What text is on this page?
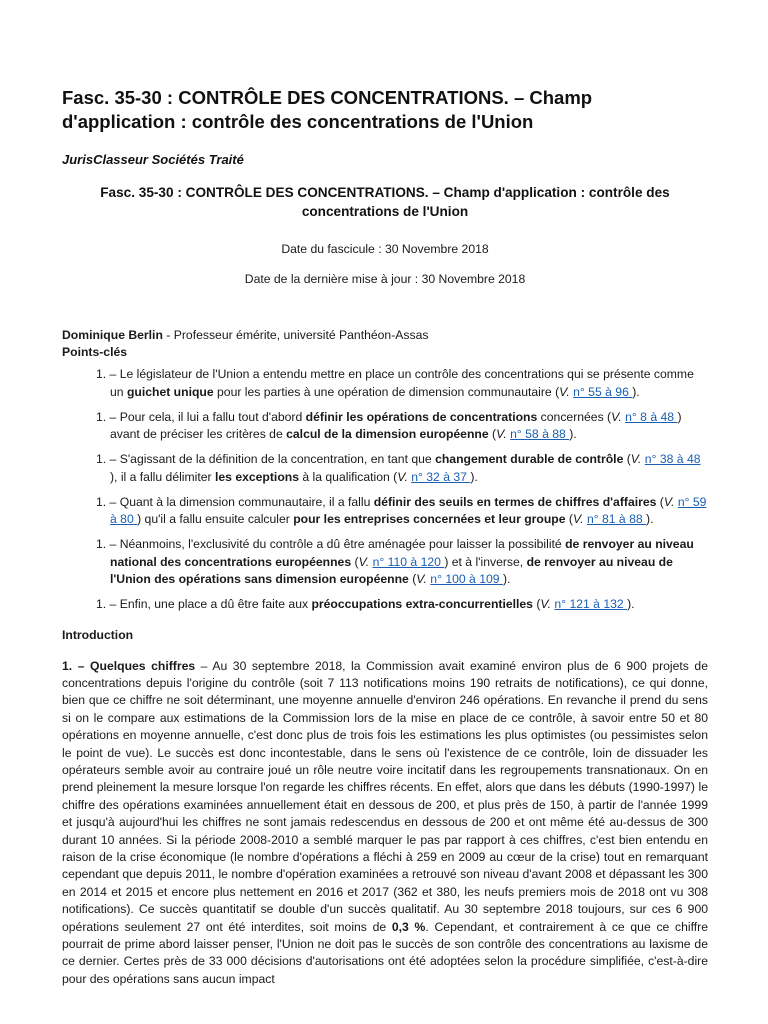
Fasc. 35-30 : CONTRÔLE DES CONCENTRATIONS. – Champ d'application : contrôle des concentrations de l'Union
JurisClasseur Sociétés Traité
Fasc. 35-30 : CONTRÔLE DES CONCENTRATIONS. – Champ d'application : contrôle des concentrations de l'Union
Date du fascicule : 30 Novembre 2018
Date de la dernière mise à jour : 30 Novembre 2018
Dominique Berlin - Professeur émérite, université Panthéon-Assas
Points-clés
1. – Le législateur de l'Union a entendu mettre en place un contrôle des concentrations qui se présente comme un guichet unique pour les parties à une opération de dimension communautaire (V. n° 55 à 96 ).
1. – Pour cela, il lui a fallu tout d'abord définir les opérations de concentrations concernées (V. n° 8 à 48 ) avant de préciser les critères de calcul de la dimension européenne (V. n° 58 à 88 ).
1. – S'agissant de la définition de la concentration, en tant que changement durable de contrôle (V. n° 38 à 48 ), il a fallu délimiter les exceptions à la qualification (V. n° 32 à 37 ).
1. – Quant à la dimension communautaire, il a fallu définir des seuils en termes de chiffres d'affaires (V. n° 59 à 80 ) qu'il a fallu ensuite calculer pour les entreprises concernées et leur groupe (V. n° 81 à 88 ).
1. – Néanmoins, l'exclusivité du contrôle a dû être aménagée pour laisser la possibilité de renvoyer au niveau national des concentrations européennes (V. n° 110 à 120 ) et à l'inverse, de renvoyer au niveau de l'Union des opérations sans dimension européenne (V. n° 100 à 109 ).
1. – Enfin, une place a dû être faite aux préoccupations extra-concurrentielles (V. n° 121 à 132 ).
Introduction

1. – Quelques chiffres – Au 30 septembre 2018, la Commission avait examiné environ plus de 6 900 projets de concentrations depuis l'origine du contrôle (soit 7 113 notifications moins 190 retraits de notifications), ce qui donne, bien que ce chiffre ne soit déterminant, une moyenne annuelle d'environ 246 opérations. En revanche il prend du sens si on le compare aux estimations de la Commission lors de la mise en place de ce contrôle, à savoir entre 50 et 80 opérations en moyenne annuelle, c'est donc plus de trois fois les estimations les plus optimistes (ou pessimistes selon le point de vue). Le succès est donc incontestable, dans le sens où l'existence de ce contrôle, loin de dissuader les opérateurs semble avoir au contraire joué un rôle neutre voire incitatif dans les regroupements transnationaux. On en prend pleinement la mesure lorsque l'on regarde les chiffres récents. En effet, alors que dans les débuts (1990-1997) le chiffre des opérations examinées annuellement était en dessous de 200, et plus près de 150, à partir de l'année 1999 et jusqu'à aujourd'hui les chiffres ne sont jamais redescendus en dessous de 200 et ont même été au-dessus de 300 durant 10 années. Si la période 2008-2010 a semblé marquer le pas par rapport à ces chiffres, c'est bien entendu en raison de la crise économique (le nombre d'opérations a fléchi à 259 en 2009 au cœur de la crise) tout en remarquant cependant que depuis 2011, le nombre d'opération examinées a retrouvé son niveau d'avant 2008 et dépassant les 300 en 2014 et 2015 et encore plus nettement en 2016 et 2017 (362 et 380, les neufs premiers mois de 2018 ont vu 308 notifications). Ce succès quantitatif se double d'un succès qualitatif. Au 30 septembre 2018 toujours, sur ces 6 900 opérations seulement 27 ont été interdites, soit moins de 0,3 %. Cependant, et contrairement à ce que ce chiffre pourrait de prime abord laisser penser, l'Union ne doit pas le succès de son contrôle des concentrations au laxisme de ce dernier. Certes près de 33 000 décisions d'autorisations ont été adoptées selon la procédure simplifiée, c'est-à-dire pour des opérations sans aucun impact
